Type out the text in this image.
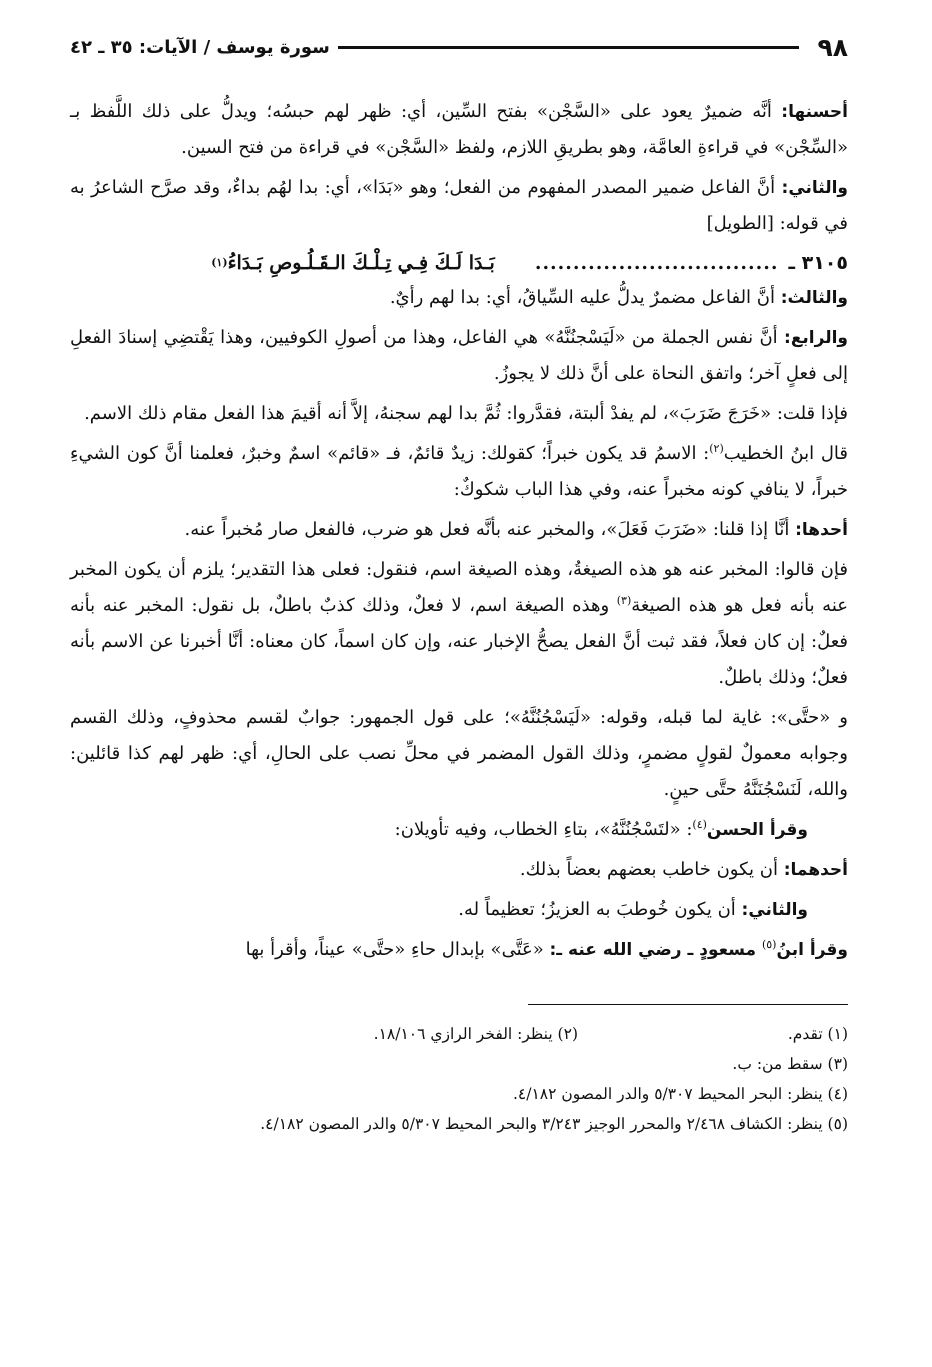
٩٨
سورة يوسف / الآيات: ٣٥ ـ ٤٢

أحسنها: أنَّه ضميرٌ يعود على «السَّجْن» بفتح السِّين، أي: ظهر لهم حبسُه؛ ويدلُّ على ذلك اللَّفظ بـ «السِّجْن» في قراءةِ العامَّة، وهو بطريقِ اللازم، ولفظ «السَّجْن» في قراءة من فتح السين.

والثاني: أنَّ الفاعل ضمير المصدر المفهوم من الفعل؛ وهو «بَدَا»، أي: بدا لهُم بداءٌ، وقد صرَّح الشاعرُ به في قوله: [الطويل]

٣١٠٥ ـ
................................
بَـدَا لَـكَ فِـي تِـلْـكَ الـقَـلُـوصِ بَـدَاءُ
(١)

والثالث: أنَّ الفاعل مضمرٌ يدلُّ عليه السِّياقُ، أي: بدا لهم رأيٌ.

والرابع: أنَّ نفس الجملة من «لَيَسْجنُنَّهُ» هي الفاعل، وهذا من أصولِ الكوفيين، وهذا يَقْتضِي إسنادَ الفعلِ إلى فعلٍ آخر؛ واتفق النحاة على أنَّ ذلك لا يجوزُ.

فإذا قلت: «خَرَجَ ضَرَبَ»، لم يفدْ ألبتة، فقدَّروا: ثُمَّ بدا لهم سجنهُ، إلاَّ أنه أقيمَ هذا الفعل مقام ذلك الاسم.

قال ابنُ الخطيب$^{(٢)}$: الاسمُ قد يكون خبراً؛ كقولك: زيدٌ قائمٌ، فـ «قائم» اسمٌ وخبرٌ، فعلمنا أنَّ كون الشيءِ خبراً، لا ينافي كونه مخبراً عنه، وفي هذا الباب شكوكٌ:

أحدها: أنَّا إذا قلنا: «ضَرَبَ فَعَلَ»، والمخبر عنه بأنَّه فعل هو ضرب، فالفعل صار مُخبراً عنه.

فإن قالوا: المخبر عنه هو هذه الصيغةُ، وهذه الصيغة اسم، فنقول: فعلى هذا التقدير؛ يلزم أن يكون المخبر عنه بأنه فعل هو هذه الصيغة$^{(٣)}$ وهذه الصيغة اسم، لا فعلٌ، وذلك كذبٌ باطلٌ، بل نقول: المخبر عنه بأنه فعلٌ: إن كان فعلاً، فقد ثبت أنَّ الفعل يصحُّ الإخبار عنه، وإن كان اسماً، كان معناه: أنَّا أخبرنا عن الاسم بأنه فعلٌ؛ وذلك باطلٌ.

و «حتَّى»: غاية لما قبله، وقوله: «لَيَسْجُنُنَّهُ»؛ على قول الجمهور: جوابٌ لقسم محذوفٍ، وذلك القسم وجوابه معمولٌ لقولٍ مضمرٍ، وذلك القول المضمر في محلِّ نصب على الحالِ، أي: ظهر لهم كذا قائلين: والله، لَنَسْجُنَنَّهُ حتَّى حينٍ.

وقرأ الحسن$^{(٤)}$: «لتَسْجُنُنَّهُ»، بتاءِ الخطاب، وفيه تأويلان:

أحدهما: أن يكون خاطب بعضهم بعضاً بذلك.

والثاني: أن يكون خُوطبَ به العزيزُ؛ تعظيماً له.

وقرأ ابنُ$^{(٥)}$ مسعودٍ ـ رضي الله عنه ـ: «عَتَّى» بإبدال حاءِ «حتَّى» عيناً، وأقرأ بها

(١) تقدم.
(٢) ينظر: الفخر الرازي ١٨/١٠٦.
(٣) سقط من: ب.
(٤) ينظر: البحر المحيط ٥/٣٠٧ والدر المصون ٤/١٨٢.
(٥) ينظر: الكشاف ٢/٤٦٨ والمحرر الوجيز ٣/٢٤٣ والبحر المحيط ٥/٣٠٧ والدر المصون ٤/١٨٢.
